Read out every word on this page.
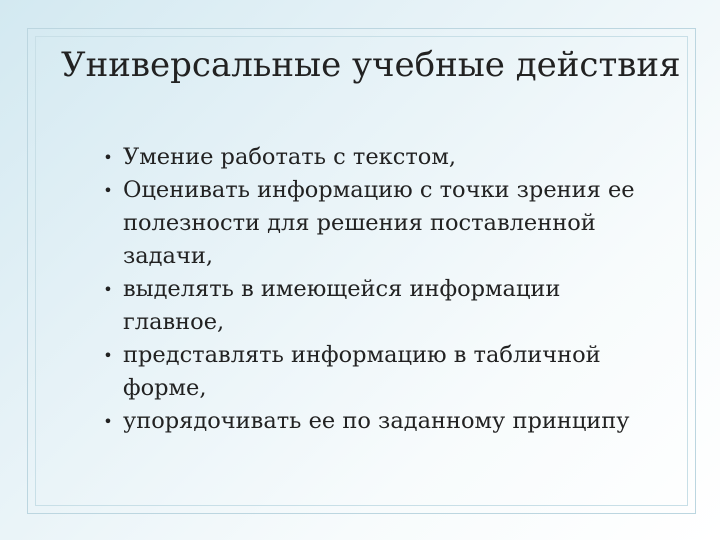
Универсальные учебные действия
• Умение работать с текстом,
• Оценивать информацию с точки зрения ее полезности для решения поставленной задачи,
• выделять в имеющейся информации главное,
• представлять информацию в табличной форме,
• упорядочивать ее по заданному принципу
